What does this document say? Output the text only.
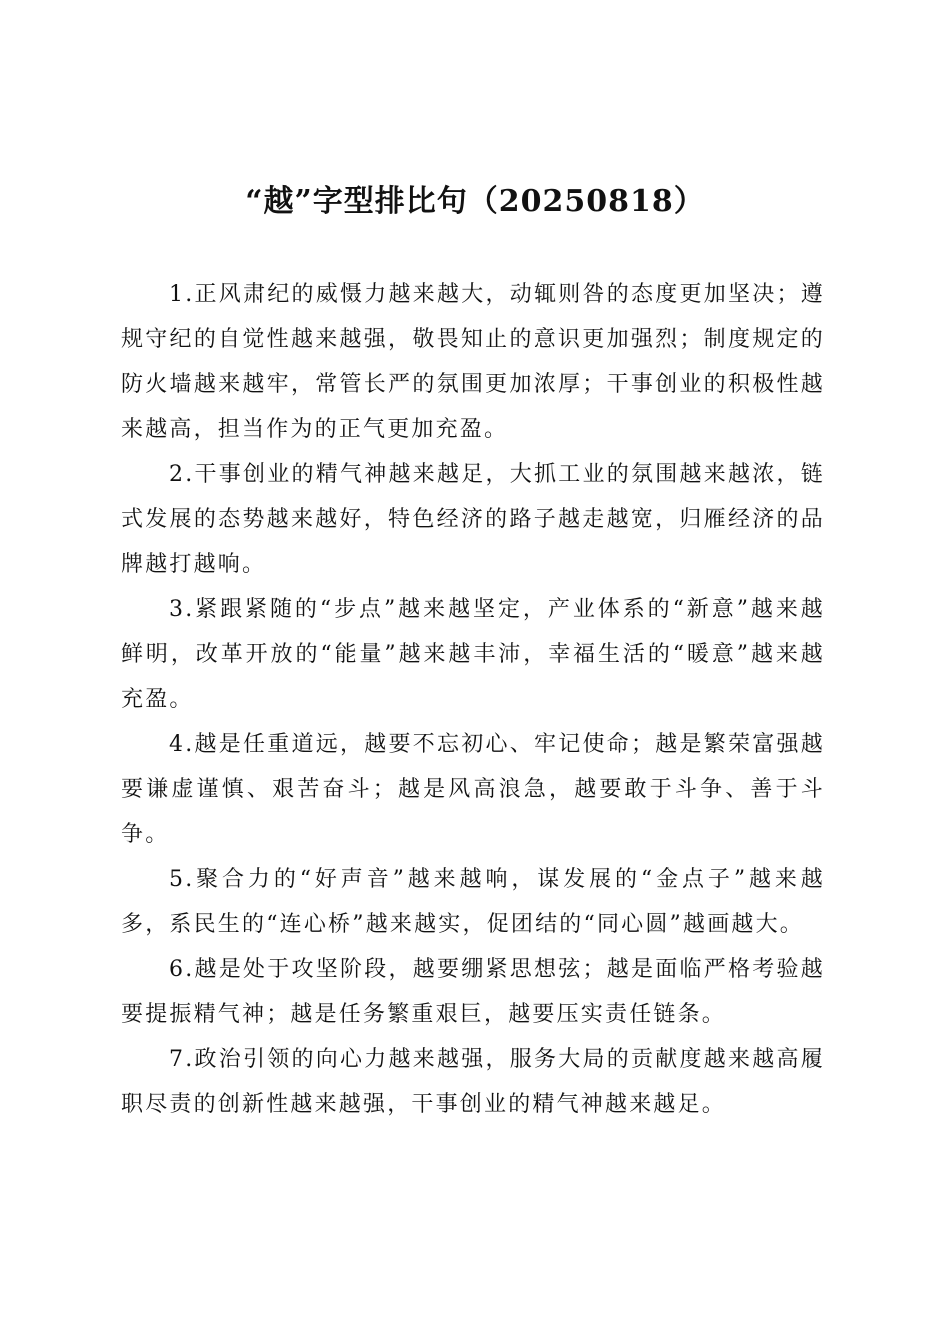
“越”字型排比句（20250818）

1.正风肃纪的威慑力越来越大，动辄则咎的态度更加坚决；遵规守纪的自觉性越来越强，敬畏知止的意识更加强烈；制度规定的防火墙越来越牢，常管长严的氛围更加浓厚；干事创业的积极性越来越高，担当作为的正气更加充盈。

2.干事创业的精气神越来越足，大抓工业的氛围越来越浓，链式发展的态势越来越好，特色经济的路子越走越宽，归雁经济的品牌越打越响。

3.紧跟紧随的“步点”越来越坚定，产业体系的“新意”越来越鲜明，改革开放的“能量”越来越丰沛，幸福生活的“暖意”越来越充盈。

4.越是任重道远，越要不忘初心、牢记使命；越是繁荣富强越要谦虚谨慎、艰苦奋斗；越是风高浪急，越要敢于斗争、善于斗争。

5.聚合力的“好声音”越来越响，谋发展的“金点子”越来越多，系民生的“连心桥”越来越实，促团结的“同心圆”越画越大。

6.越是处于攻坚阶段，越要绷紧思想弦；越是面临严格考验越要提振精气神；越是任务繁重艰巨，越要压实责任链条。

7.政治引领的向心力越来越强，服务大局的贡献度越来越高履职尽责的创新性越来越强，干事创业的精气神越来越足。
